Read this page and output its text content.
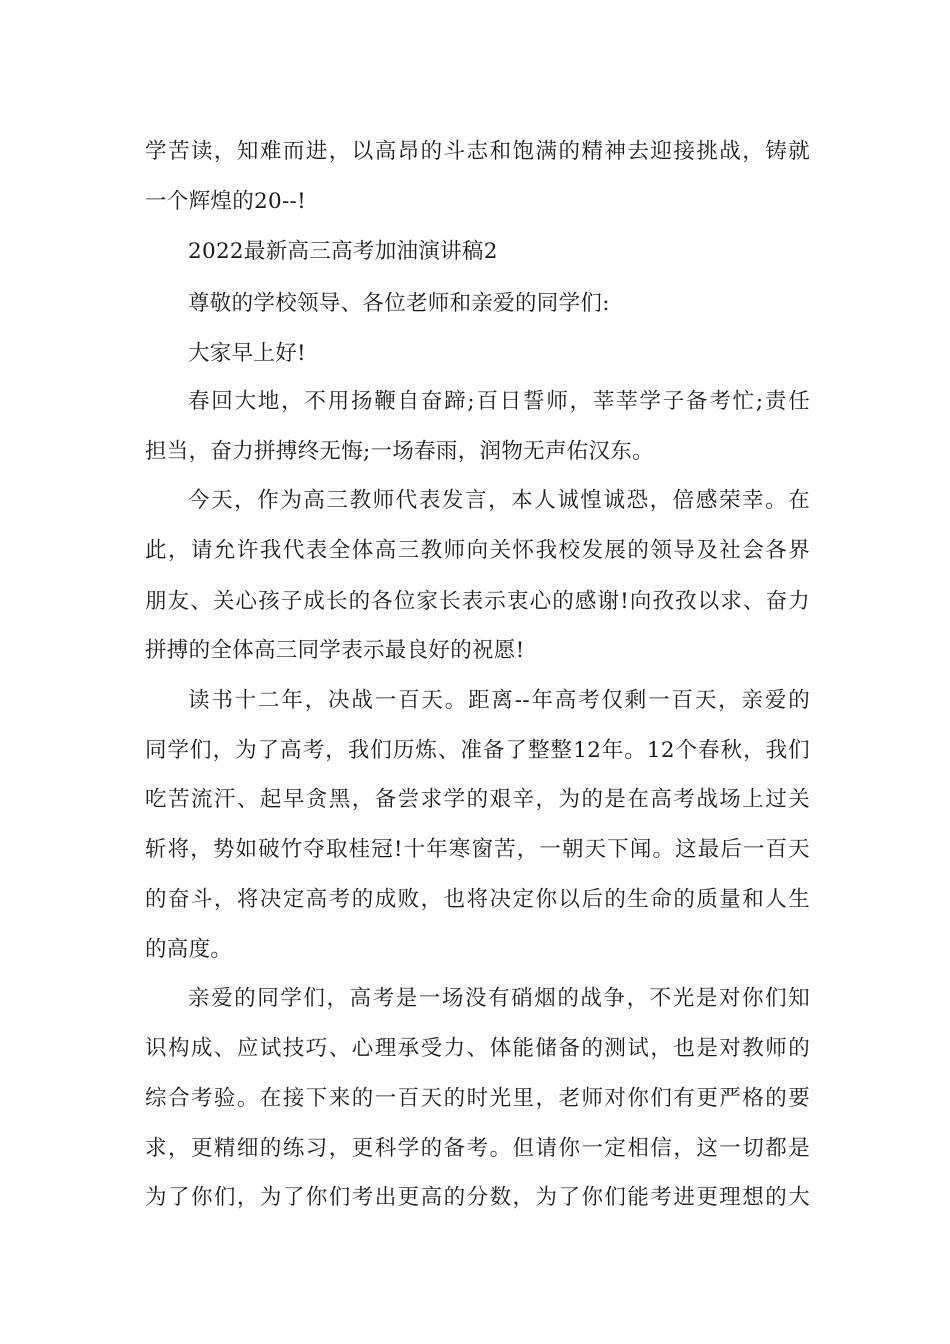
学苦读，知难而进，以高昂的斗志和饱满的精神去迎接挑战，铸就
一个辉煌的20--!
2022最新高三高考加油演讲稿2
尊敬的学校领导、各位老师和亲爱的同学们:
大家早上好!
春回大地，不用扬鞭自奋蹄;百日誓师，莘莘学子备考忙;责任
担当，奋力拼搏终无悔;一场春雨，润物无声佑汉东。
今天，作为高三教师代表发言，本人诚惶诚恐，倍感荣幸。在
此，请允许我代表全体高三教师向关怀我校发展的领导及社会各界
朋友、关心孩子成长的各位家长表示衷心的感谢!向孜孜以求、奋力
拼搏的全体高三同学表示最良好的祝愿!
读书十二年，决战一百天。距离--年高考仅剩一百天，亲爱的
同学们，为了高考，我们历炼、准备了整整12年。12个春秋，我们
吃苦流汗、起早贪黑，备尝求学的艰辛，为的是在高考战场上过关
斩将，势如破竹夺取桂冠!十年寒窗苦，一朝天下闻。这最后一百天
的奋斗，将决定高考的成败，也将决定你以后的生命的质量和人生
的高度。
亲爱的同学们，高考是一场没有硝烟的战争，不光是对你们知
识构成、应试技巧、心理承受力、体能储备的测试，也是对教师的
综合考验。在接下来的一百天的时光里，老师对你们有更严格的要
求，更精细的练习，更科学的备考。但请你一定相信，这一切都是
为了你们，为了你们考出更高的分数，为了你们能考进更理想的大
